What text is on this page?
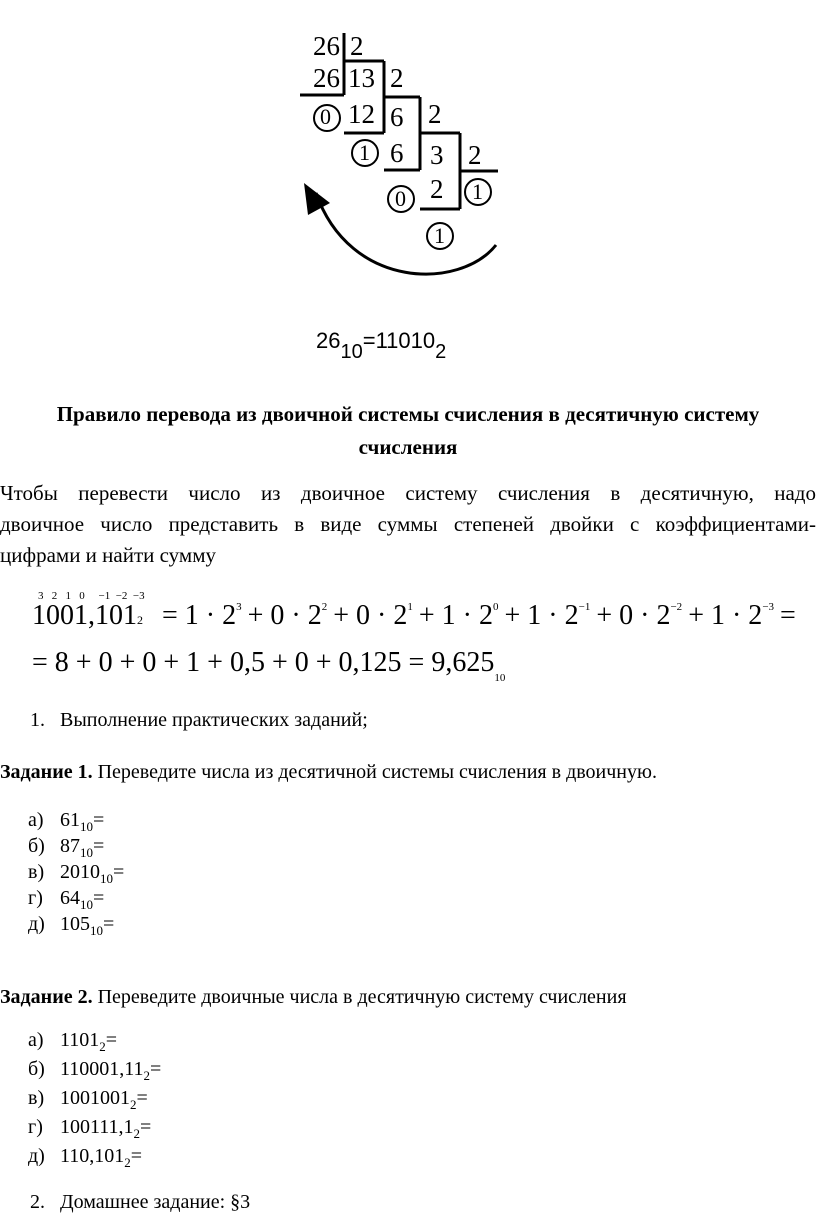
26 2
26 13 2
0 12 6 2
1 6 3 2
0 2 1
1
2610=110102
Правило перевода из двоичной системы счисления в десятичную систему
счисления
Чтобы перевести число из двоичное систему счисления в десятичную, надо
двоичное число представить в виде суммы степеней двойки с коэффициентами-
цифрами и найти сумму
3   2   1   0     −1  −2  −3
$1001,1012 = 1 \cdot 2^3 + 0 \cdot 2^2 + 0 \cdot 2^1 + 1 \cdot 2^0 + 1 \cdot 2^{-1} + 0 \cdot 2^{-2} + 1 \cdot 2^{-3}$ =
= $8 + 0 + 0 + 1 + 0,5 + 0 + 0,125 = 9,625_{10}$
1. Выполнение практических заданий;
Задание 1. Переведите числа из десятичной системы счисления в двоичную.
а) $61_{10}=$
б) $87_{10}=$
в) $2010_{10}=$
г) $64_{10}=$
д) $105_{10}=$
Задание 2. Переведите двоичные числа в десятичную систему счисления
а) $1101_2=$
б) $110001,11_2=$
в) $1001001_2=$
г) $100111,1_2=$
д) $110,101_2=$
2. Домашнее задание: §3
